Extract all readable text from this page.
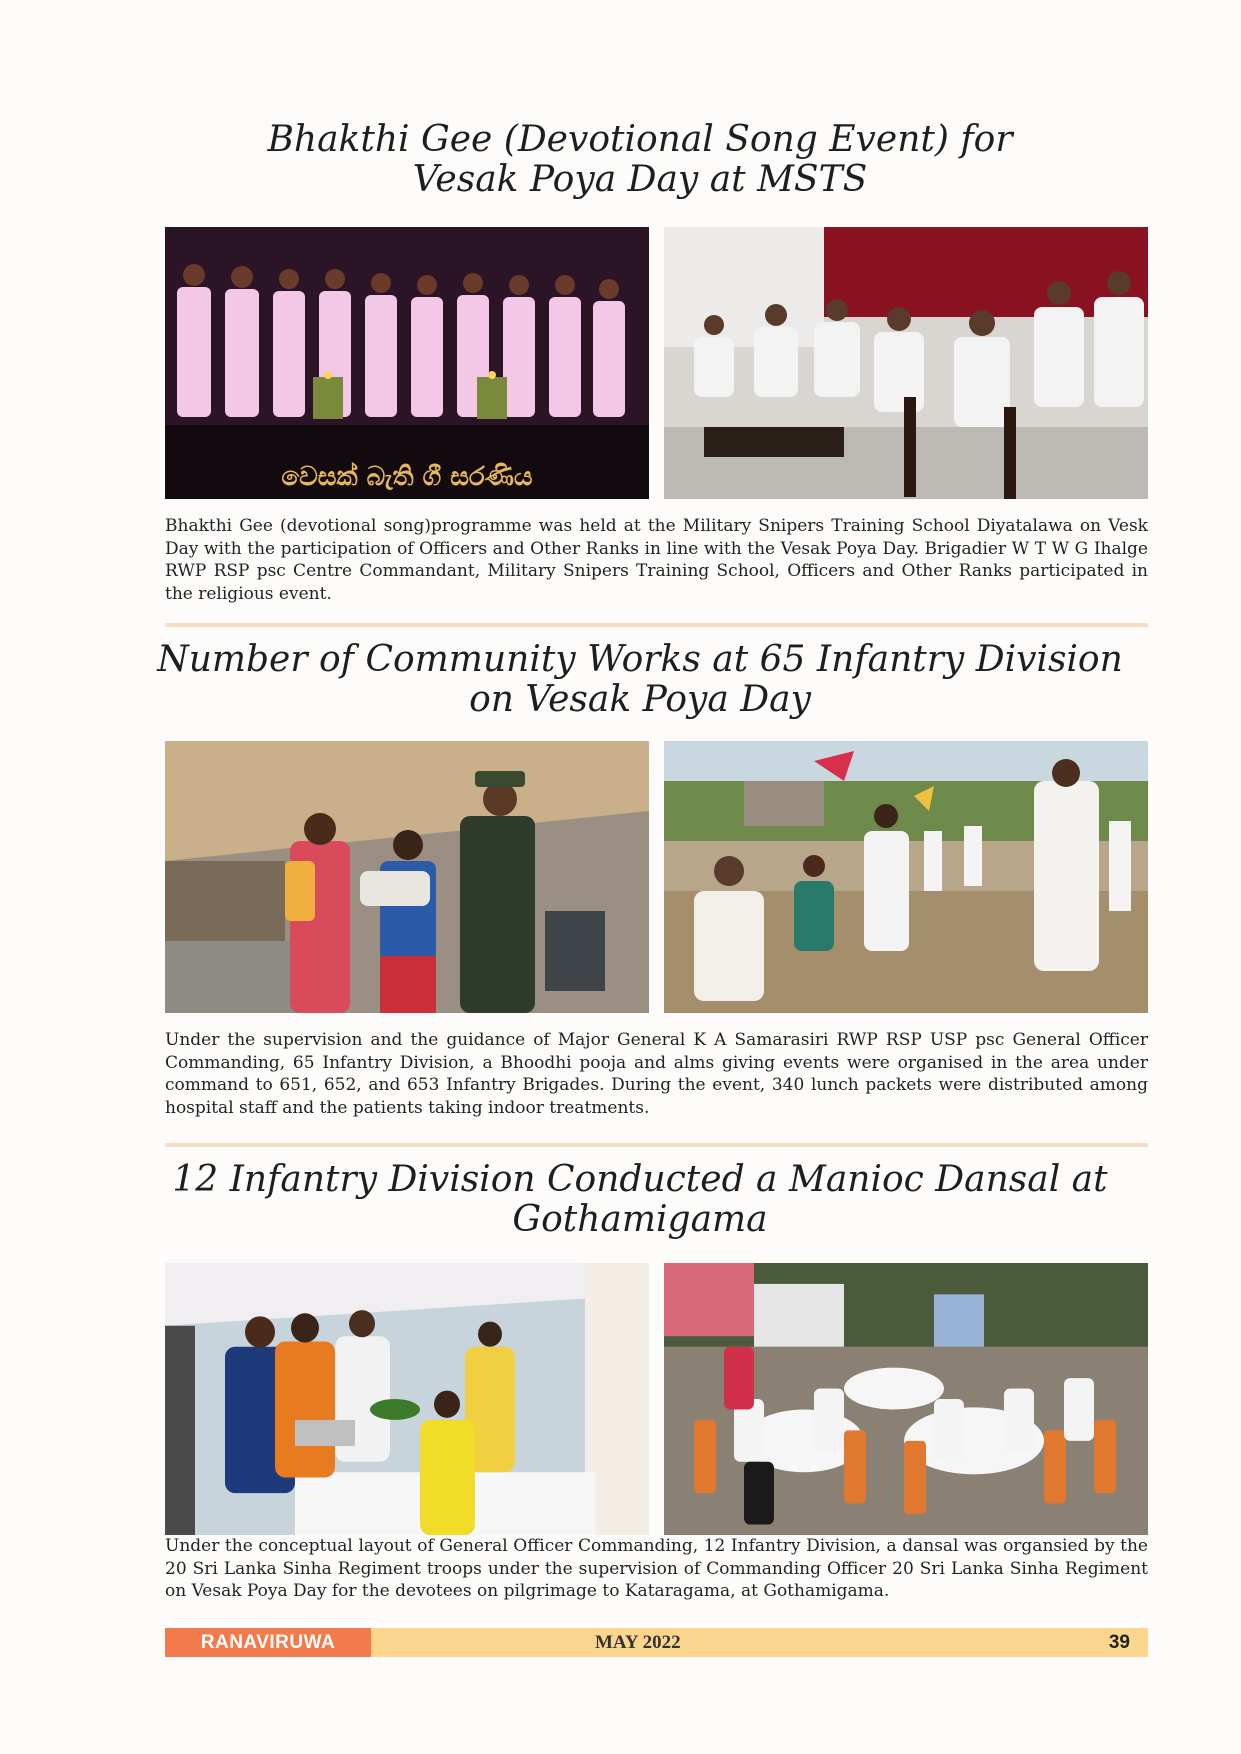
Bhakthi Gee (Devotional Song Event) for
Vesak Poya Day at MSTS
වෙසක් බැති ගී සරණිය

Bhakthi Gee (devotional song)programme was held at the Military Snipers Training School Diyatalawa on Vesk Day with the participation of Officers and Other Ranks in line with the Vesak Poya Day. Brigadier W T W G Ihalge RWP RSP psc Centre Commandant, Military Snipers Training School, Officers and Other Ranks participated in the religious event.

Number of Community Works at 65 Infantry Division
on Vesak Poya Day

Under the supervision and the guidance of Major General K A Samarasiri RWP RSP USP psc General Officer Commanding, 65 Infantry Division, a Bhoodhi pooja and alms giving events were organised in the area under command to 651, 652, and 653 Infantry Brigades. During the event, 340 lunch packets were distributed among hospital staff and the patients taking indoor treatments.

12 Infantry Division Conducted a Manioc Dansal at
Gothamigama

Under the conceptual layout of General Officer Commanding, 12 Infantry Division, a dansal was organsied by the 20 Sri Lanka Sinha Regiment troops under the supervision of Commanding Officer 20 Sri Lanka Sinha Regiment on Vesak Poya Day for the devotees on pilgrimage to Kataragama, at Gothamigama.

RANAVIRUWA	MAY 2022	39
